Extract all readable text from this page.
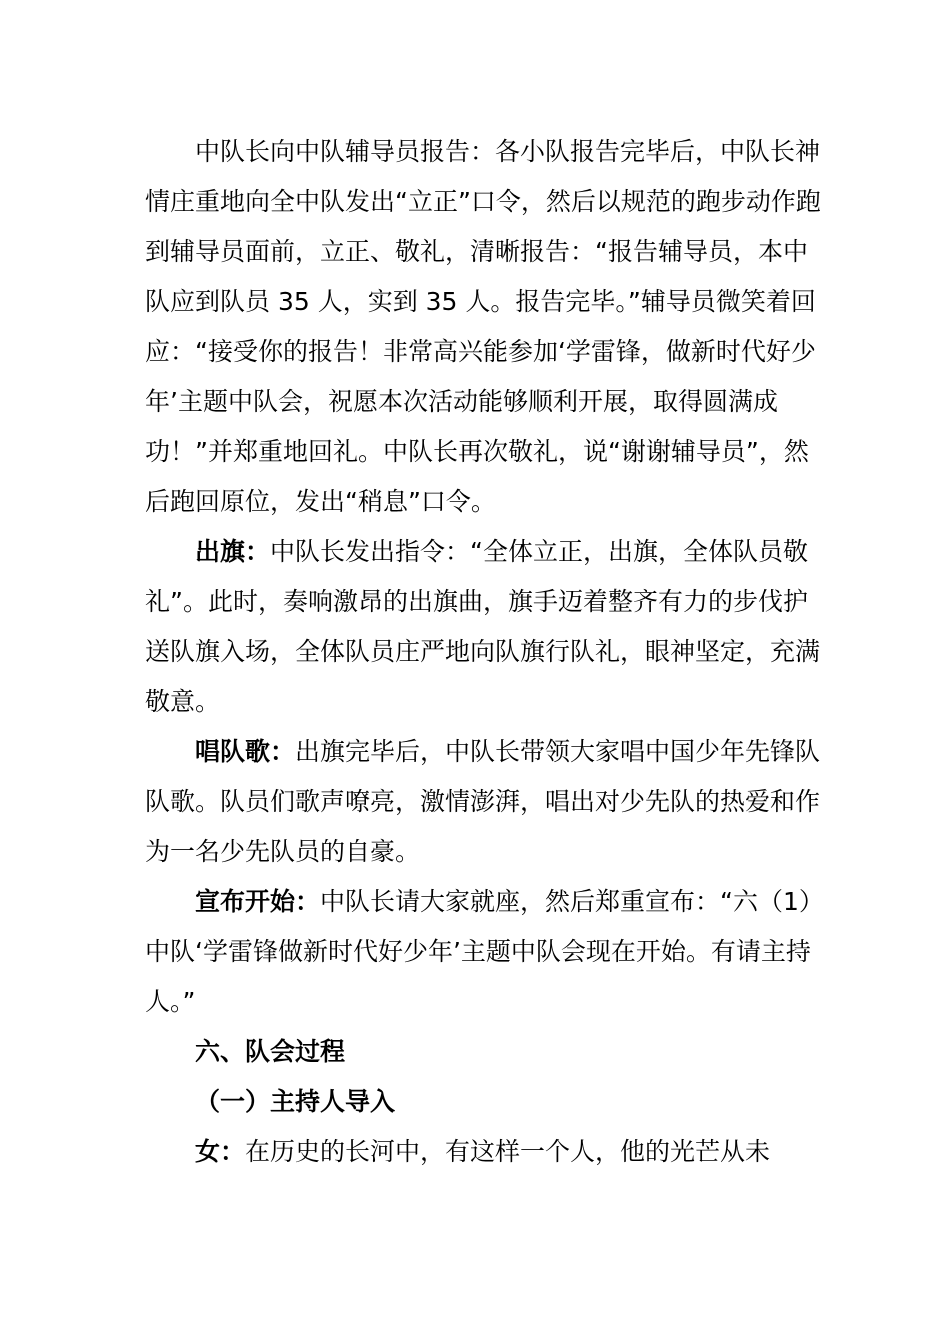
中队长向中队辅导员报告：各小队报告完毕后，中队长神情庄重地向全中队发出“立正”口令，然后以规范的跑步动作跑到辅导员面前，立正、敬礼，清晰报告：“报告辅导员，本中队应到队员 35 人，实到 35 人。报告完毕。”辅导员微笑着回应：“接受你的报告！非常高兴能参加‘学雷锋，做新时代好少年’主题中队会，祝愿本次活动能够顺利开展，取得圆满成功！”并郑重地回礼。中队长再次敬礼，说“谢谢辅导员”，然后跑回原位，发出“稍息”口令。

出旗：中队长发出指令：“全体立正，出旗，全体队员敬礼”。此时，奏响激昂的出旗曲，旗手迈着整齐有力的步伐护送队旗入场，全体队员庄严地向队旗行队礼，眼神坚定，充满敬意。

唱队歌：出旗完毕后，中队长带领大家唱中国少年先锋队队歌。队员们歌声嘹亮，激情澎湃，唱出对少先队的热爱和作为一名少先队员的自豪。

宣布开始：中队长请大家就座，然后郑重宣布：“六（1）中队‘学雷锋做新时代好少年’主题中队会现在开始。有请主持人。”

六、队会过程

（一）主持人导入

女：在历史的长河中，有这样一个人，他的光芒从未
